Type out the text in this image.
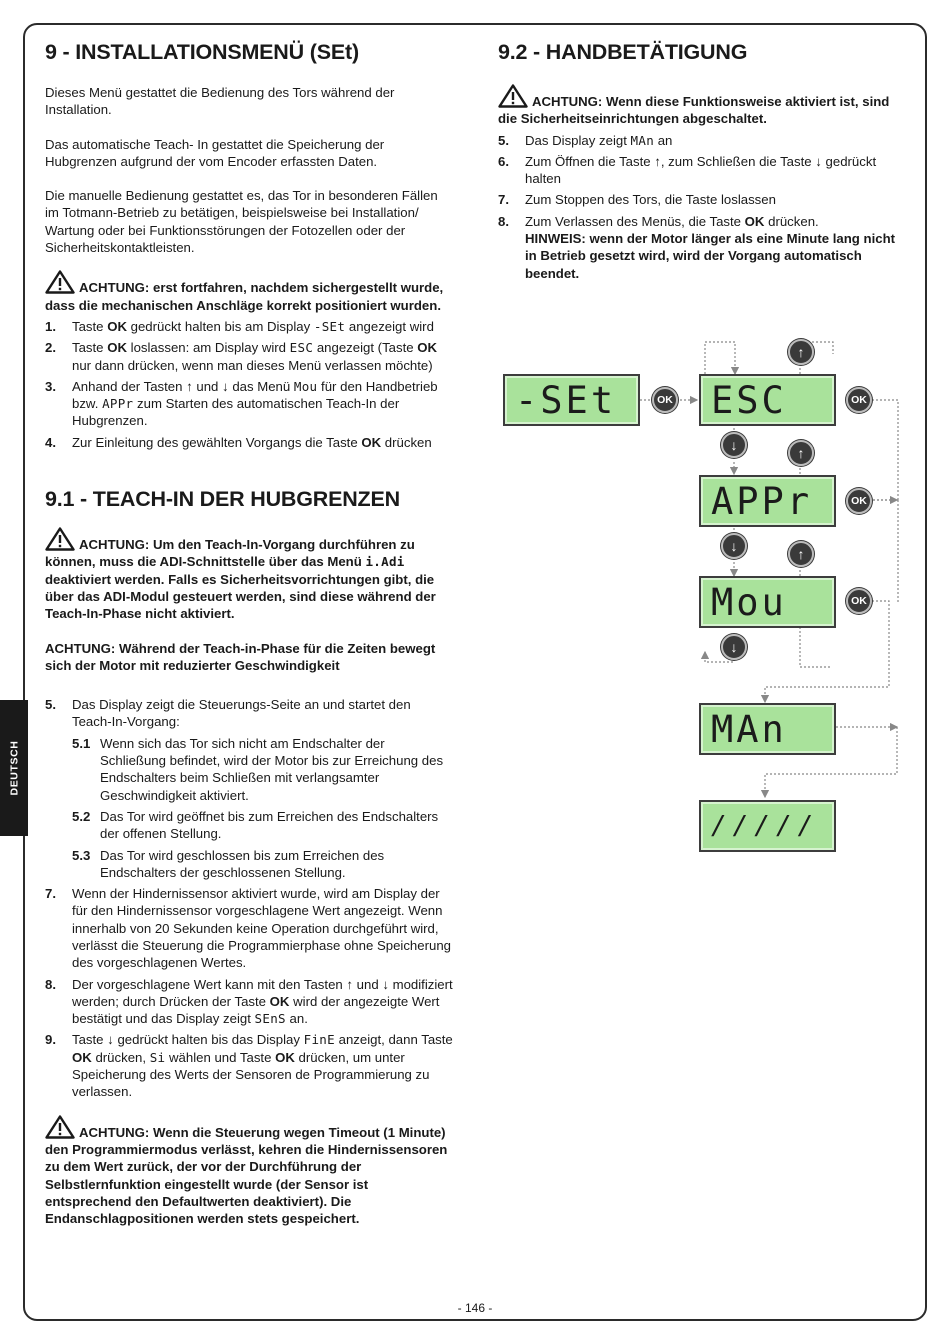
DEUTSCH
9 - INSTALLATIONSMENÜ (SEt)

Dieses Menü gestattet die Bedienung des Tors während der Installation.

Das automatische Teach- In gestattet die Speicherung der Hubgrenzen aufgrund der vom Encoder erfassten Daten.

Die manuelle Bedienung gestattet es, das Tor in besonderen Fällen im Totmann-Betrieb zu betätigen, beispielsweise bei Installation/ Wartung oder bei Funktionsstörungen der Fotozellen oder der Sicherheitskontaktleisten.

ACHTUNG: erst fortfahren, nachdem sichergestellt wurde, dass die mechanischen Anschläge korrekt positioniert wurden.
1. Taste OK gedrückt halten bis am Display -SEt angezeigt wird
2. Taste OK loslassen: am Display wird ESC angezeigt (Taste OK nur dann drücken, wenn man dieses Menü verlassen möchte)
3. Anhand der Tasten ↑ und ↓ das Menü Mou für den Handbetrieb bzw. APPr zum Starten des automatischen Teach-In der Hubgrenzen.
4. Zur Einleitung des gewählten Vorgangs die Taste OK drücken
9.1 - TEACH-IN DER HUBGRENZEN
ACHTUNG: Um den Teach-In-Vorgang durchführen zu können, muss die ADI-Schnittstelle über das Menü i.Adi deaktiviert werden. Falls es Sicherheitsvorrichtungen gibt, die über das ADI-Modul gesteuert werden, sind diese während der Teach-In-Phase nicht aktiviert.
ACHTUNG: Während der Teach-in-Phase für die Zeiten bewegt sich der Motor mit reduzierter Geschwindigkeit
5. Das Display zeigt die Steuerungs-Seite an und startet den Teach-In-Vorgang:
5.1 Wenn sich das Tor sich nicht am Endschalter der Schließung befindet, wird der Motor bis zur Erreichung des Endschalters beim Schließen mit verlangsamter Geschwindigkeit aktiviert.
5.2 Das Tor wird geöffnet bis zum Erreichen des Endschalters der offenen Stellung.
5.3 Das Tor wird geschlossen bis zum Erreichen des Endschalters der geschlossenen Stellung.
7. Wenn der Hindernissensor aktiviert wurde, wird am Display der für den Hindernissensor vorgeschlagene Wert angezeigt. Wenn innerhalb von 20 Sekunden keine Operation durchgeführt wird, verlässt die Steuerung die Programmierphase ohne Speicherung des vorgeschlagenen Wertes.
8. Der vorgeschlagene Wert kann mit den Tasten ↑ und ↓ modifiziert werden; durch Drücken der Taste OK wird der angezeigte Wert bestätigt und das Display zeigt SEnS an.
9. Taste ↓ gedrückt halten bis das Display FinE anzeigt, dann Taste OK drücken, Si wählen und Taste OK drücken, um unter Speicherung des Werts der Sensoren de Programmierung zu verlassen.
ACHTUNG: Wenn die Steuerung wegen Timeout (1 Minute) den Programmiermodus verlässt, kehren die Hindernissensoren zu dem Wert zurück, der vor der Durchführung der Selbstlernfunktion eingestellt wurde (der Sensor ist entsprechend den Defaultwerten deaktiviert). Die Endanschlagpositionen werden stets gespeichert.
9.2 - HANDBETÄTIGUNG
ACHTUNG: Wenn diese Funktionsweise aktiviert ist, sind die Sicherheitseinrichtungen abgeschaltet.
5. Das Display zeigt MAn an
6. Zum Öffnen die Taste ↑, zum Schließen die Taste ↓ gedrückt halten
7. Zum Stoppen des Tors, die Taste loslassen
8. Zum Verlassen des Menüs, die Taste OK drücken.
HINWEIS: wenn der Motor länger als eine Minute lang nicht in Betrieb gesetzt wird, wird der Vorgang automatisch beendet.
-SEt	OK	ESC
↑
OK
↓	↑
APPr	OK
↓	↑
Mou	OK
↓
MAn
/////
- 146 -
